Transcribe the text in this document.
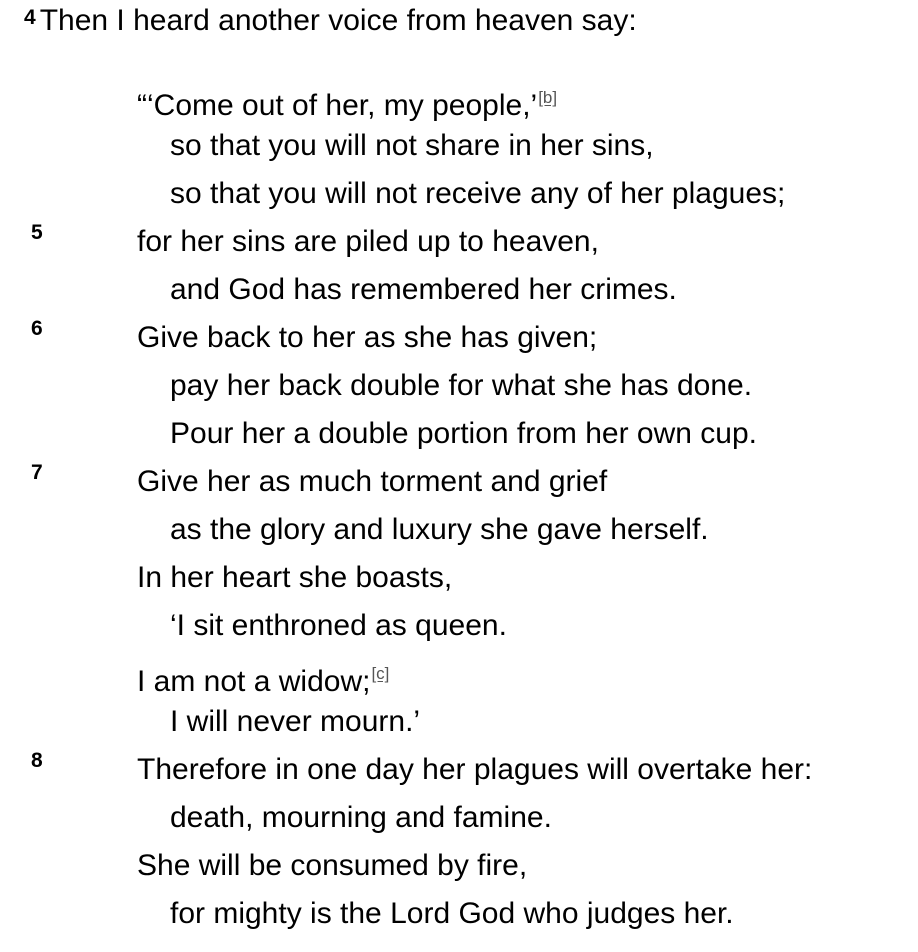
$^4$ Then I heard another voice from heaven say:
“‘Come out of her, my people,’[b]
so that you will not share in her sins,
so that you will not receive any of her plagues;
5	for her sins are piled up to heaven,
and God has remembered her crimes.
6	Give back to her as she has given;
pay her back double for what she has done.
Pour her a double portion from her own cup.
7	Give her as much torment and grief
as the glory and luxury she gave herself.
In her heart she boasts,
‘I sit enthroned as queen.
I am not a widow;[c]
I will never mourn.’
8	Therefore in one day her plagues will overtake her:
death, mourning and famine.
She will be consumed by fire,
for mighty is the Lord God who judges her.
